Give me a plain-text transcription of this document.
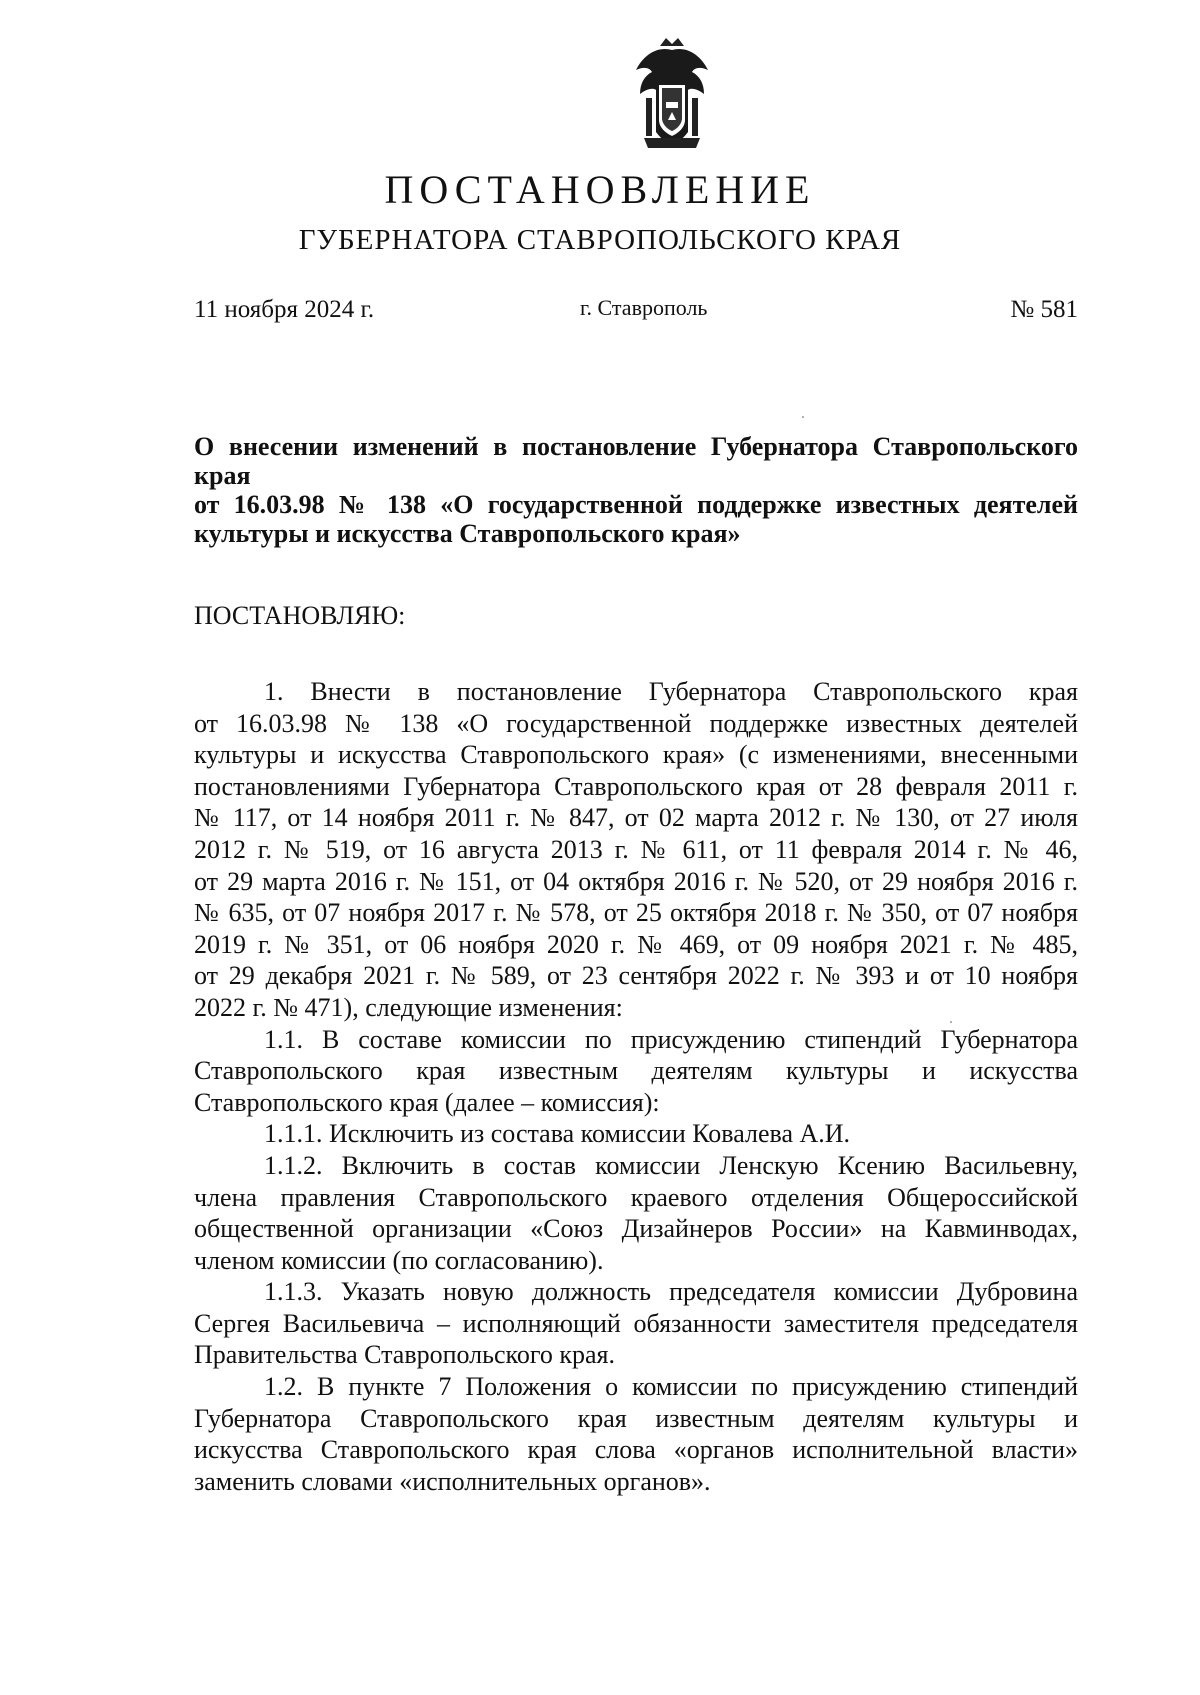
ПОСТАНОВЛЕНИЕ
ГУБЕРНАТОРА СТАВРОПОЛЬСКОГО КРАЯ
11 ноября 2024 г.	г. Ставрополь	№ 581
О внесении изменений в постановление Губернатора Ставропольского края
от 16.03.98 № 138 «О государственной поддержке известных деятелей
культуры и искусства Ставропольского края»
ПОСТАНОВЛЯЮ:

1. Внести в постановление Губернатора Ставропольского края
от 16.03.98 № 138 «О государственной поддержке известных деятелей
культуры и искусства Ставропольского края» (с изменениями, внесенными
постановлениями Губернатора Ставропольского края от 28 февраля 2011 г.
№ 117, от 14 ноября 2011 г. № 847, от 02 марта 2012 г. № 130, от 27 июля
2012 г. № 519, от 16 августа 2013 г. № 611, от 11 февраля 2014 г. № 46,
от 29 марта 2016 г. № 151, от 04 октября 2016 г. № 520, от 29 ноября 2016 г.
№ 635, от 07 ноября 2017 г. № 578, от 25 октября 2018 г. № 350, от 07 ноября
2019 г. № 351, от 06 ноября 2020 г. № 469, от 09 ноября 2021 г. № 485,
от 29 декабря 2021 г. № 589, от 23 сентября 2022 г. № 393 и от 10 ноября
2022 г. № 471), следующие изменения:

1.1. В составе комиссии по присуждению стипендий Губернатора
Ставропольского края известным деятелям культуры и искусства
Ставропольского края (далее – комиссия):

1.1.1. Исключить из состава комиссии Ковалева А.И.

1.1.2. Включить в состав комиссии Ленскую Ксению Васильевну,
члена правления Ставропольского краевого отделения Общероссийской
общественной организации «Союз Дизайнеров России» на Кавминводах,
членом комиссии (по согласованию).

1.1.3. Указать новую должность председателя комиссии Дубровина
Сергея Васильевича – исполняющий обязанности заместителя председателя
Правительства Ставропольского края.

1.2. В пункте 7 Положения о комиссии по присуждению стипендий
Губернатора Ставропольского края известным деятелям культуры и
искусства Ставропольского края слова «органов исполнительной власти»
заменить словами «исполнительных органов».
